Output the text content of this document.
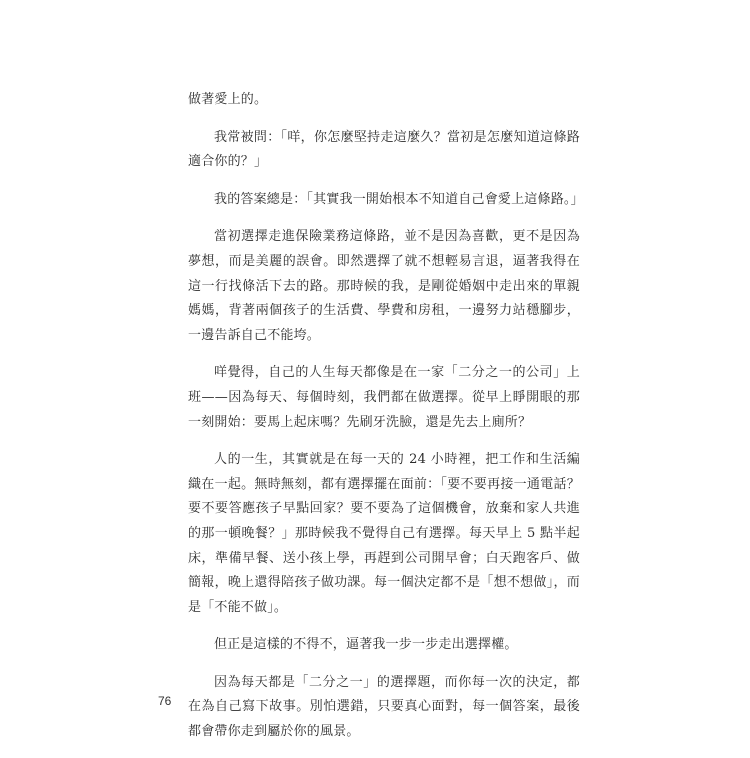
做著愛上的。

我常被問：「咩，你怎麼堅持走這麼久？當初是怎麼知道這條路適合你的？」

我的答案總是：「其實我一開始根本不知道自己會愛上這條路。」

當初選擇走進保險業務這條路，並不是因為喜歡，更不是因為夢想，而是美麗的誤會。即然選擇了就不想輕易言退，逼著我得在這一行找條活下去的路。那時候的我，是剛從婚姻中走出來的單親媽媽，背著兩個孩子的生活費、學費和房租，一邊努力站穩腳步，一邊告訴自己不能垮。

咩覺得，自己的人生每天都像是在一家「二分之一的公司」上班——因為每天、每個時刻，我們都在做選擇。從早上睜開眼的那一刻開始：要馬上起床嗎？先刷牙洗臉，還是先去上廁所？

人的一生，其實就是在每一天的 24 小時裡，把工作和生活編織在一起。無時無刻，都有選擇擺在面前：「要不要再接一通電話？要不要答應孩子早點回家？要不要為了這個機會，放棄和家人共進的那一頓晚餐？」那時候我不覺得自己有選擇。每天早上 5 點半起床，準備早餐、送小孩上學，再趕到公司開早會；白天跑客戶、做簡報，晚上還得陪孩子做功課。每一個決定都不是「想不想做」，而是「不能不做」。

但正是這樣的不得不，逼著我一步一步走出選擇權。

因為每天都是「二分之一」的選擇題，而你每一次的決定，都在為自己寫下故事。別怕選錯，只要真心面對，每一個答案，最後都會帶你走到屬於你的風景。

76
